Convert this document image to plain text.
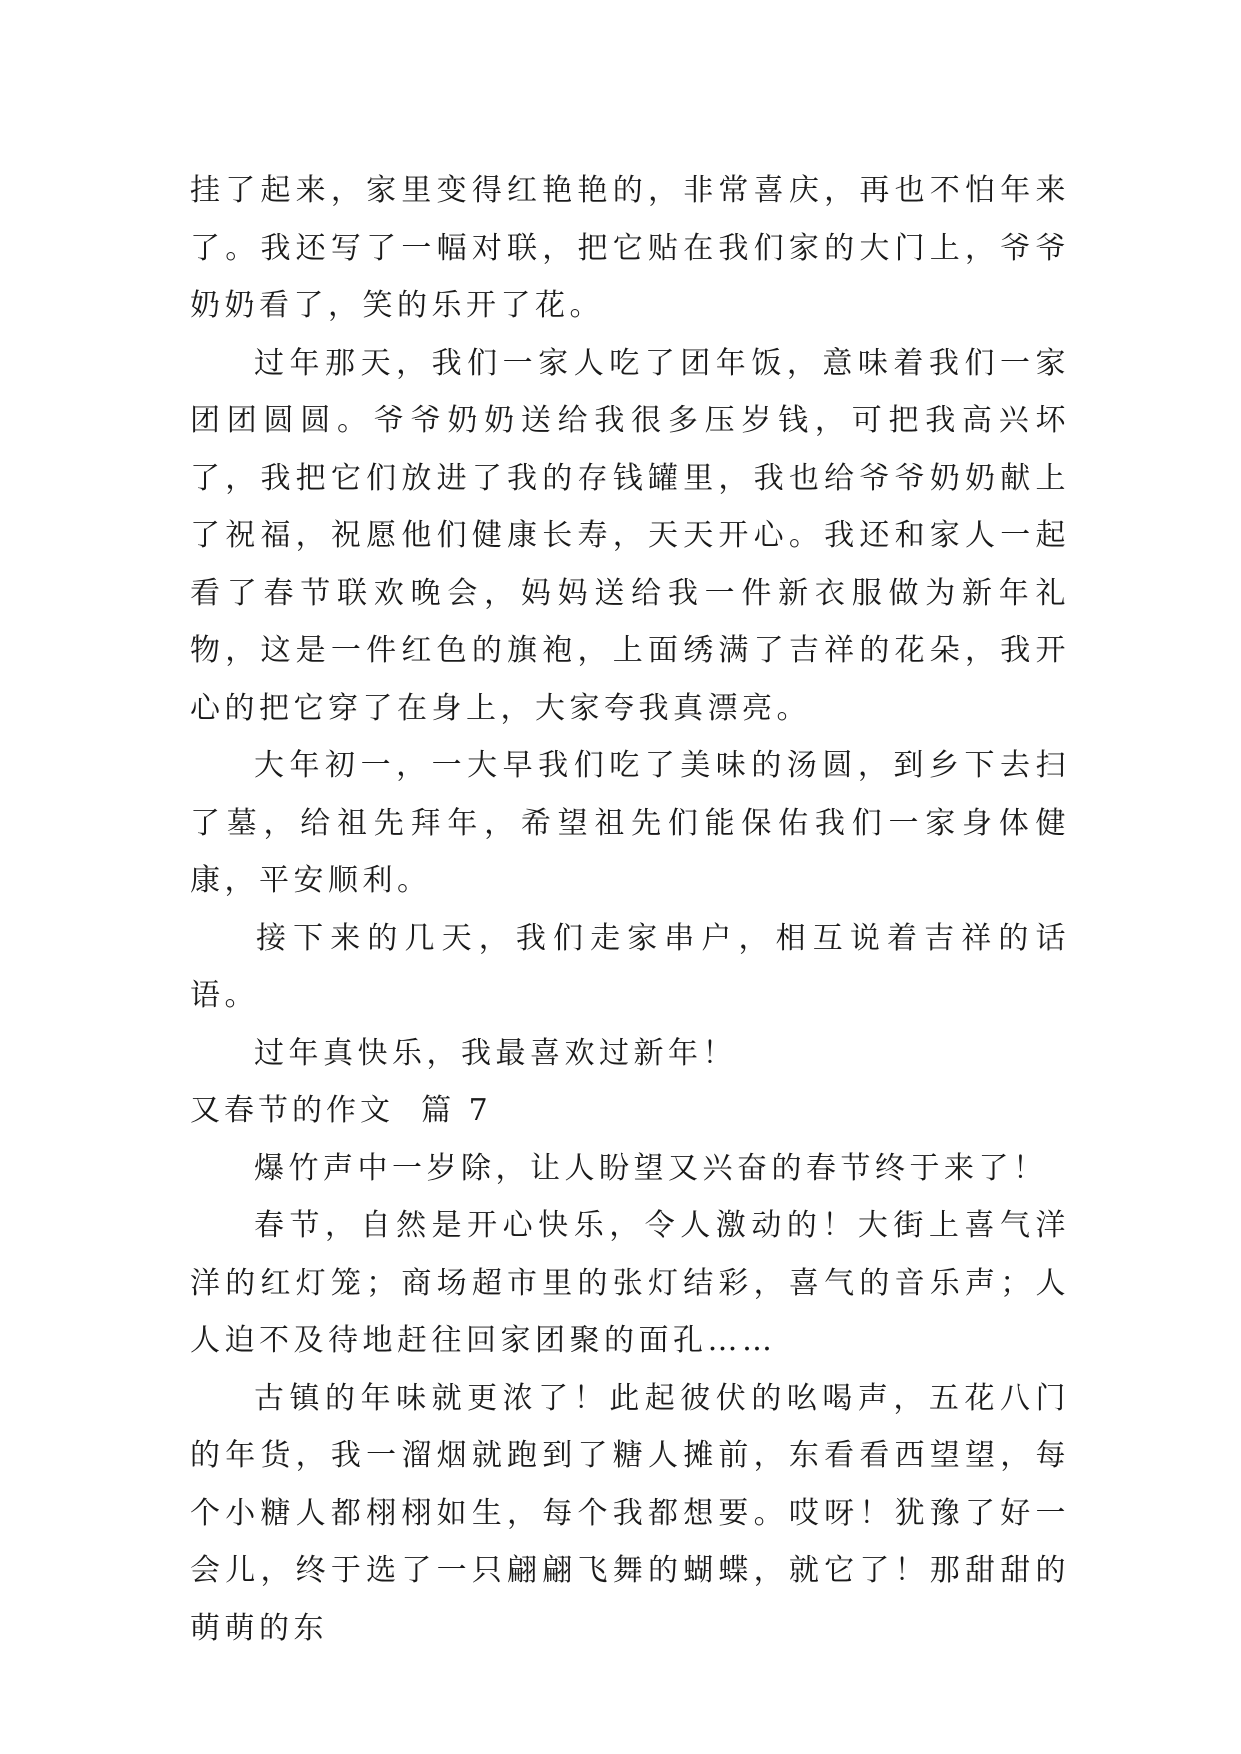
挂了起来，家里变得红艳艳的，非常喜庆，再也不怕年来了。我还写了一幅对联，把它贴在我们家的大门上，爷爷奶奶看了，笑的乐开了花。

过年那天，我们一家人吃了团年饭，意味着我们一家团团圆圆。爷爷奶奶送给我很多压岁钱，可把我高兴坏了，我把它们放进了我的存钱罐里，我也给爷爷奶奶献上了祝福，祝愿他们健康长寿，天天开心。我还和家人一起看了春节联欢晚会，妈妈送给我一件新衣服做为新年礼物，这是一件红色的旗袍，上面绣满了吉祥的花朵，我开心的把它穿了在身上，大家夸我真漂亮。

大年初一，一大早我们吃了美味的汤圆，到乡下去扫了墓，给祖先拜年，希望祖先们能保佑我们一家身体健康，平安顺利。

接下来的几天，我们走家串户，相互说着吉祥的话语。

过年真快乐，我最喜欢过新年！

又春节的作文  篇 7

爆竹声中一岁除，让人盼望又兴奋的春节终于来了！

春节，自然是开心快乐，令人激动的！大街上喜气洋洋的红灯笼；商场超市里的张灯结彩，喜气的音乐声；人人迫不及待地赶往回家团聚的面孔……

古镇的年味就更浓了！此起彼伏的吆喝声，五花八门的年货，我一溜烟就跑到了糖人摊前，东看看西望望，每个小糖人都栩栩如生，每个我都想要。哎呀！犹豫了好一会儿，终于选了一只翩翩飞舞的蝴蝶，就它了！那甜甜的萌萌的东
